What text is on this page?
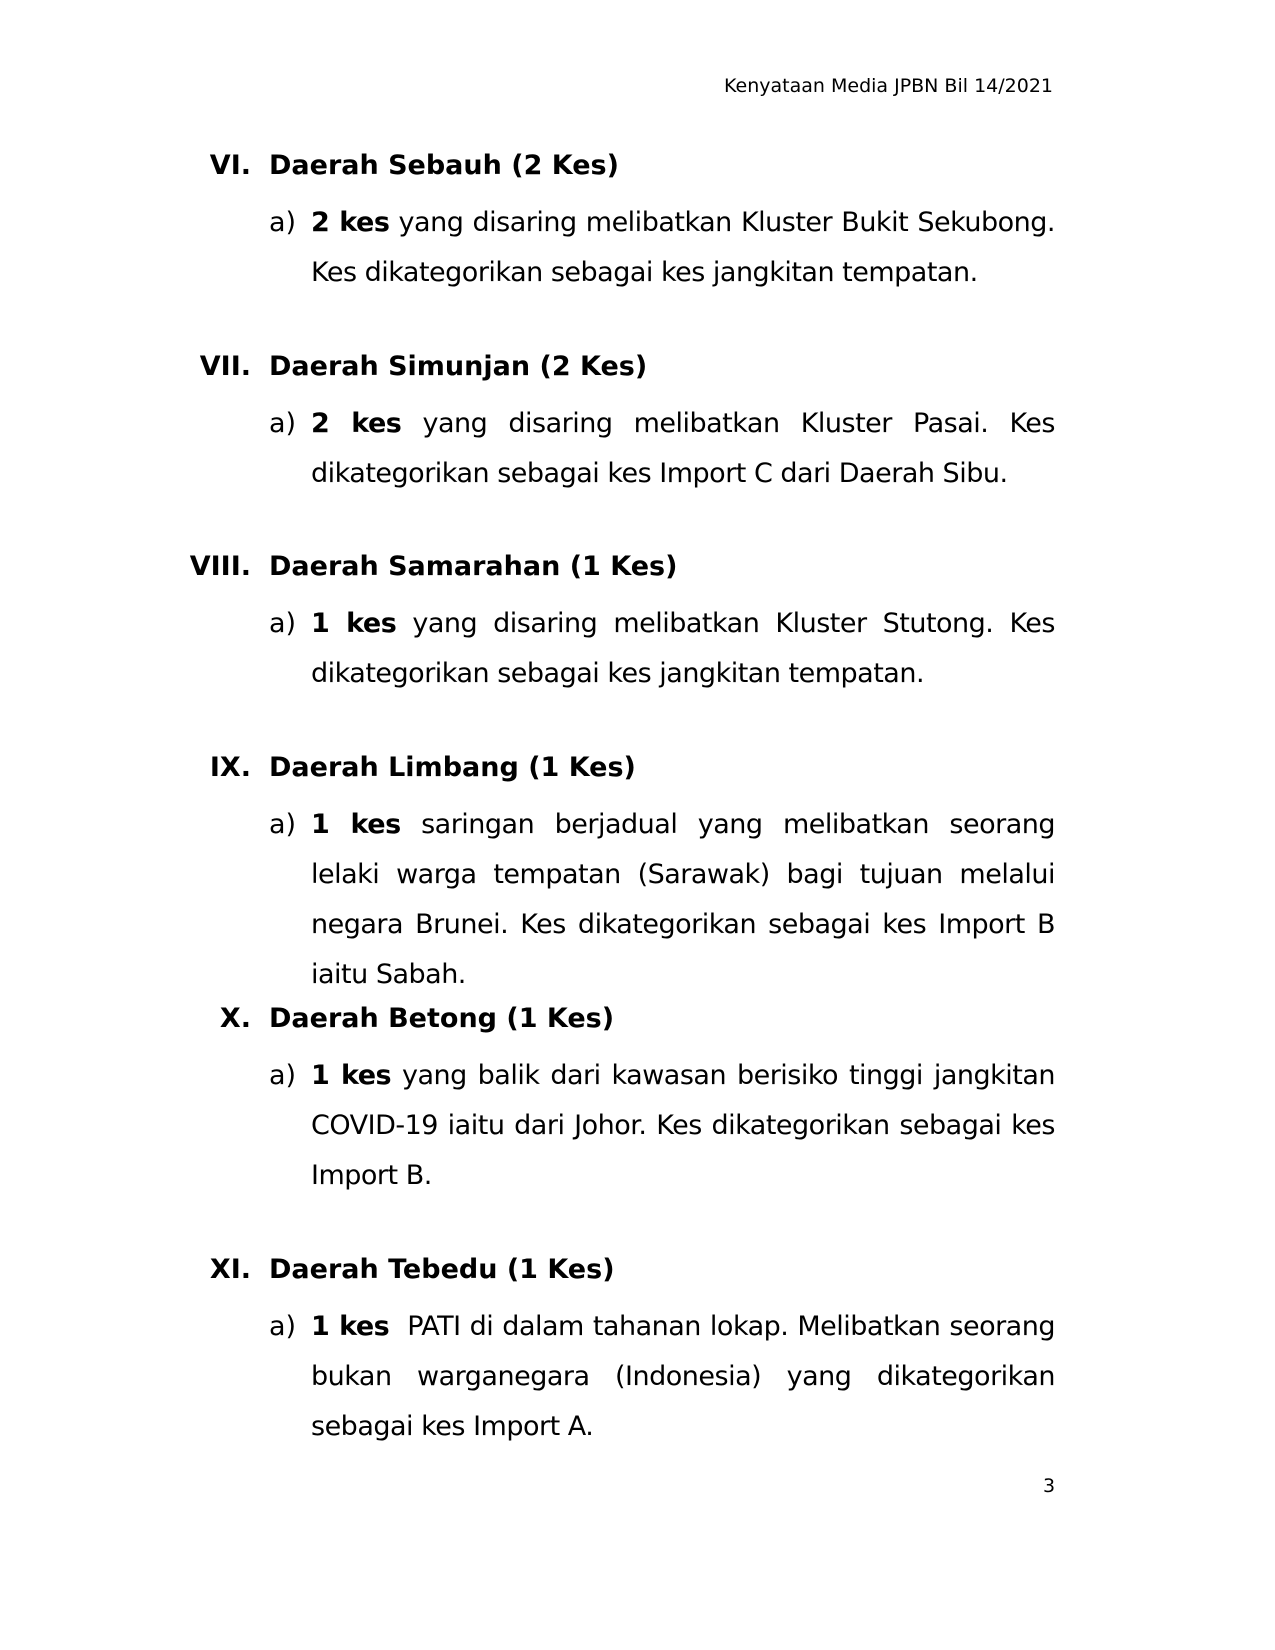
Kenyataan Media JPBN Bil 14/2021
VI. Daerah Sebauh (2 Kes)
a) 2 kes yang disaring melibatkan Kluster Bukit Sekubong. Kes dikategorikan sebagai kes jangkitan tempatan.
VII. Daerah Simunjan (2 Kes)
a) 2 kes yang disaring melibatkan Kluster Pasai. Kes dikategorikan sebagai kes Import C dari Daerah Sibu.
VIII. Daerah Samarahan (1 Kes)
a) 1 kes yang disaring melibatkan Kluster Stutong. Kes dikategorikan sebagai kes jangkitan tempatan.
IX. Daerah Limbang (1 Kes)
a) 1 kes saringan berjadual yang melibatkan seorang lelaki warga tempatan (Sarawak) bagi tujuan melalui negara Brunei. Kes dikategorikan sebagai kes Import B iaitu Sabah.
X. Daerah Betong (1 Kes)
a) 1 kes yang balik dari kawasan berisiko tinggi jangkitan COVID-19 iaitu dari Johor. Kes dikategorikan sebagai kes Import B.
XI. Daerah Tebedu (1 Kes)
a) 1 kes  PATI di dalam tahanan lokap. Melibatkan seorang bukan warganegara (Indonesia) yang dikategorikan sebagai kes Import A.
3
